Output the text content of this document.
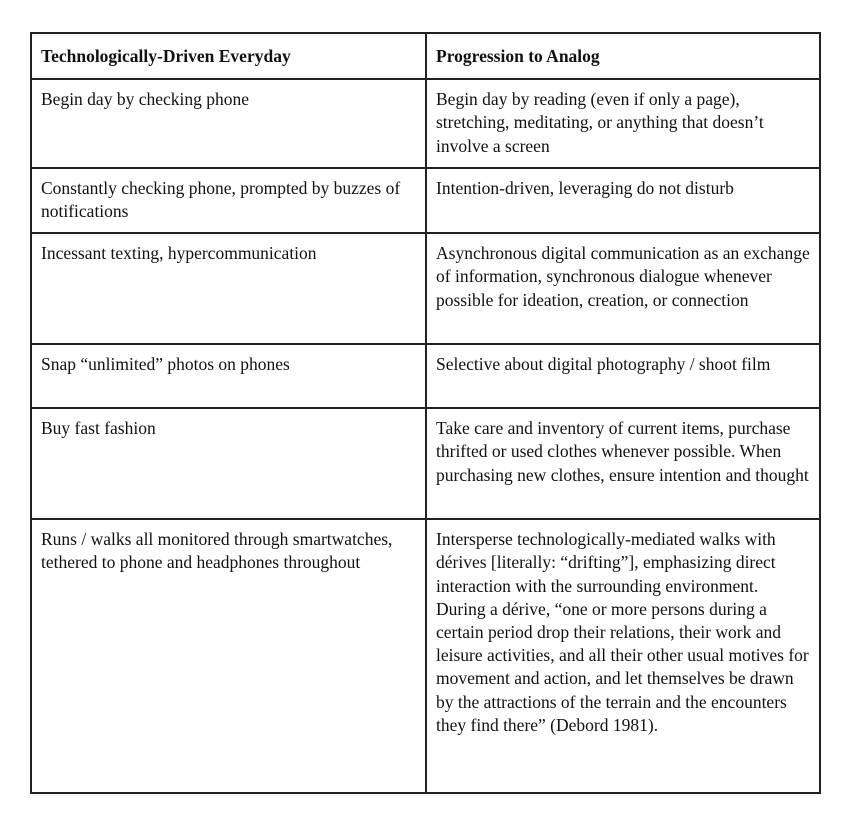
Technologically-Driven Everyday	Progression to Analog
Begin day by checking phone	Begin day by reading (even if only a page), stretching, meditating, or anything that doesn’t involve a screen
Constantly checking phone, prompted by buzzes of notifications	Intention-driven, leveraging do not disturb
Incessant texting, hypercommunication	Asynchronous digital communication as an exchange of information, synchronous dialogue whenever possible for ideation, creation, or connection
Snap “unlimited” photos on phones	Selective about digital photography / shoot film
Buy fast fashion	Take care and inventory of current items, purchase thrifted or used clothes whenever possible. When purchasing new clothes, ensure intention and thought
Runs / walks all monitored through smartwatches, tethered to phone and headphones throughout	Intersperse technologically-mediated walks with dérives [literally: “drifting”], emphasizing direct interaction with the surrounding environment. During a dérive, “one or more persons during a certain period drop their relations, their work and leisure activities, and all their other usual motives for movement and action, and let themselves be drawn by the attractions of the terrain and the encounters they find there” (Debord 1981).
